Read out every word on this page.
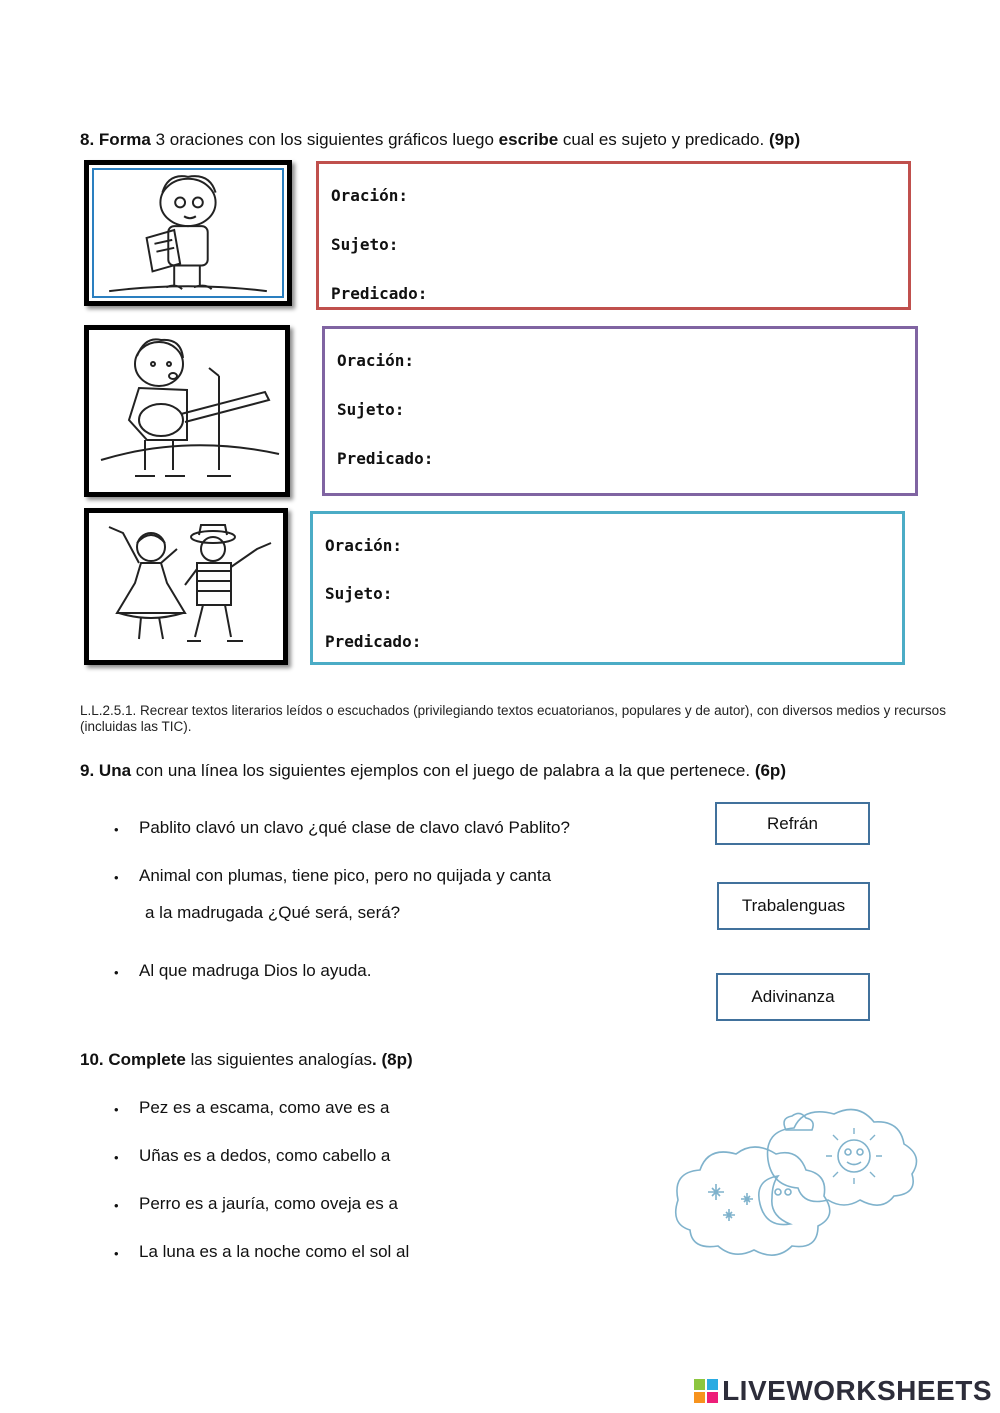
8. Forma 3 oraciones con los siguientes gráficos luego escribe cual es sujeto y predicado. (9p)
Oración:
Sujeto:
Predicado:
Oración:
Sujeto:
Predicado:
Oración:
Sujeto:
Predicado:
L.L.2.5.1. Recrear textos literarios leídos o escuchados (privilegiando textos ecuatorianos, populares y de autor), con diversos medios y recursos (incluidas las TIC).
9. Una con una línea los siguientes ejemplos con el juego de palabra a la que pertenece. (6p)
• Pablito clavó un clavo ¿qué clase de clavo clavó Pablito?
• Animal con plumas, tiene pico, pero no quijada y canta
a la madrugada ¿Qué será, será?
• Al que madruga Dios lo ayuda.
Refrán
Trabalenguas
Adivinanza
10. Complete las siguientes analogías. (8p)
• Pez es a escama, como ave es a
• Uñas es a dedos, como cabello a
• Perro es a jauría, como oveja es a
• La luna es a la noche como el sol al
LIVEWORKSHEETS
